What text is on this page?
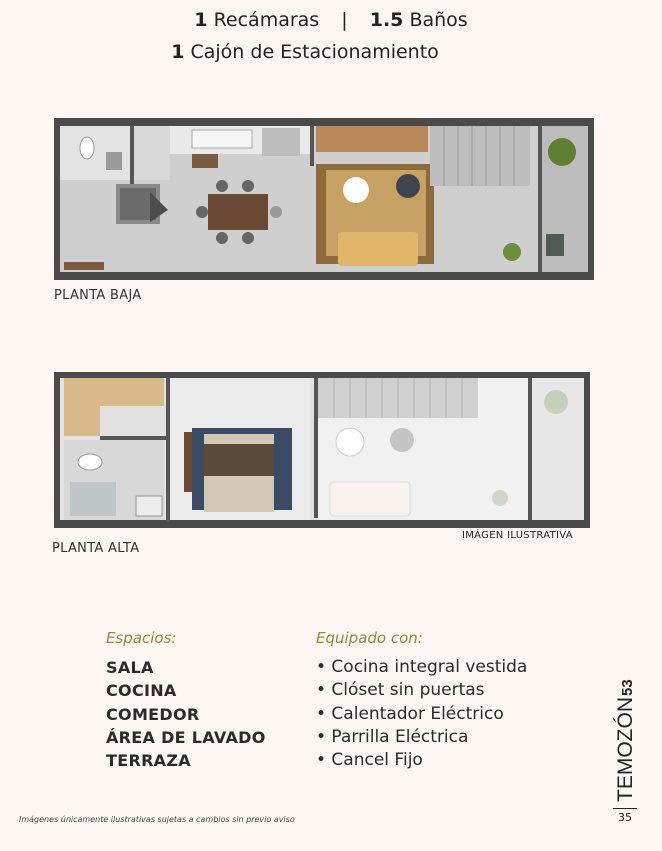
1 Recámaras | 1.5 Baños
1 Cajón de Estacionamiento
PLANTA BAJA
PLANTA ALTA
IMÁGEN ILUSTRATIVA
Espacios:
SALA
COCINA
COMEDOR
ÁREA DE LAVADO
TERRAZA
Equipado con:
• Cocina integral vestida
• Clóset sin puertas
• Calentador Eléctrico
• Parrilla Eléctrica
• Cancel Fijo	TEMOZÓN
53
Imágenes únicamente ilustrativas sujetas a cambios sin previo aviso	35
